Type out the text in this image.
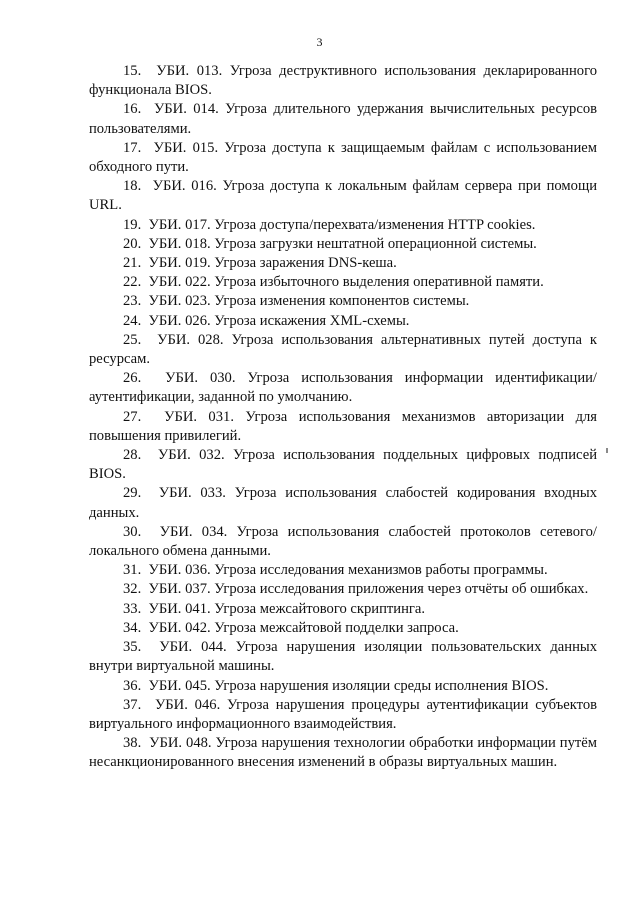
3

15. УБИ. 013. Угроза деструктивного использования декларированного функционала BIOS.

16. УБИ. 014. Угроза длительного удержания вычислительных ресурсов пользователями.

17. УБИ. 015. Угроза доступа к защищаемым файлам с использованием обходного пути.

18. УБИ. 016. Угроза доступа к локальным файлам сервера при помощи URL.

19. УБИ. 017. Угроза доступа/перехвата/изменения HTTP cookies.

20. УБИ. 018. Угроза загрузки нештатной операционной системы.

21. УБИ. 019. Угроза заражения DNS-кеша.

22. УБИ. 022. Угроза избыточного выделения оперативной памяти.

23. УБИ. 023. Угроза изменения компонентов системы.

24. УБИ. 026. Угроза искажения XML-схемы.

25. УБИ. 028. Угроза использования альтернативных путей доступа к ресурсам.

26. УБИ. 030. Угроза использования информации идентификации/аутентификации, заданной по умолчанию.

27. УБИ. 031. Угроза использования механизмов авторизации для повышения привилегий.

28. УБИ. 032. Угроза использования поддельных цифровых подписей BIOS.

29. УБИ. 033. Угроза использования слабостей кодирования входных данных.

30. УБИ. 034. Угроза использования слабостей протоколов сетевого/локального обмена данными.

31. УБИ. 036. Угроза исследования механизмов работы программы.

32. УБИ. 037. Угроза исследования приложения через отчёты об ошибках.

33. УБИ. 041. Угроза межсайтового скриптинга.

34. УБИ. 042. Угроза межсайтовой подделки запроса.

35. УБИ. 044. Угроза нарушения изоляции пользовательских данных внутри виртуальной машины.

36. УБИ. 045. Угроза нарушения изоляции среды исполнения BIOS.

37. УБИ. 046. Угроза нарушения процедуры аутентификации субъектов виртуального информационного взаимодействия.

38. УБИ. 048. Угроза нарушения технологии обработки информации путём несанкционированного внесения изменений в образы виртуальных машин.
